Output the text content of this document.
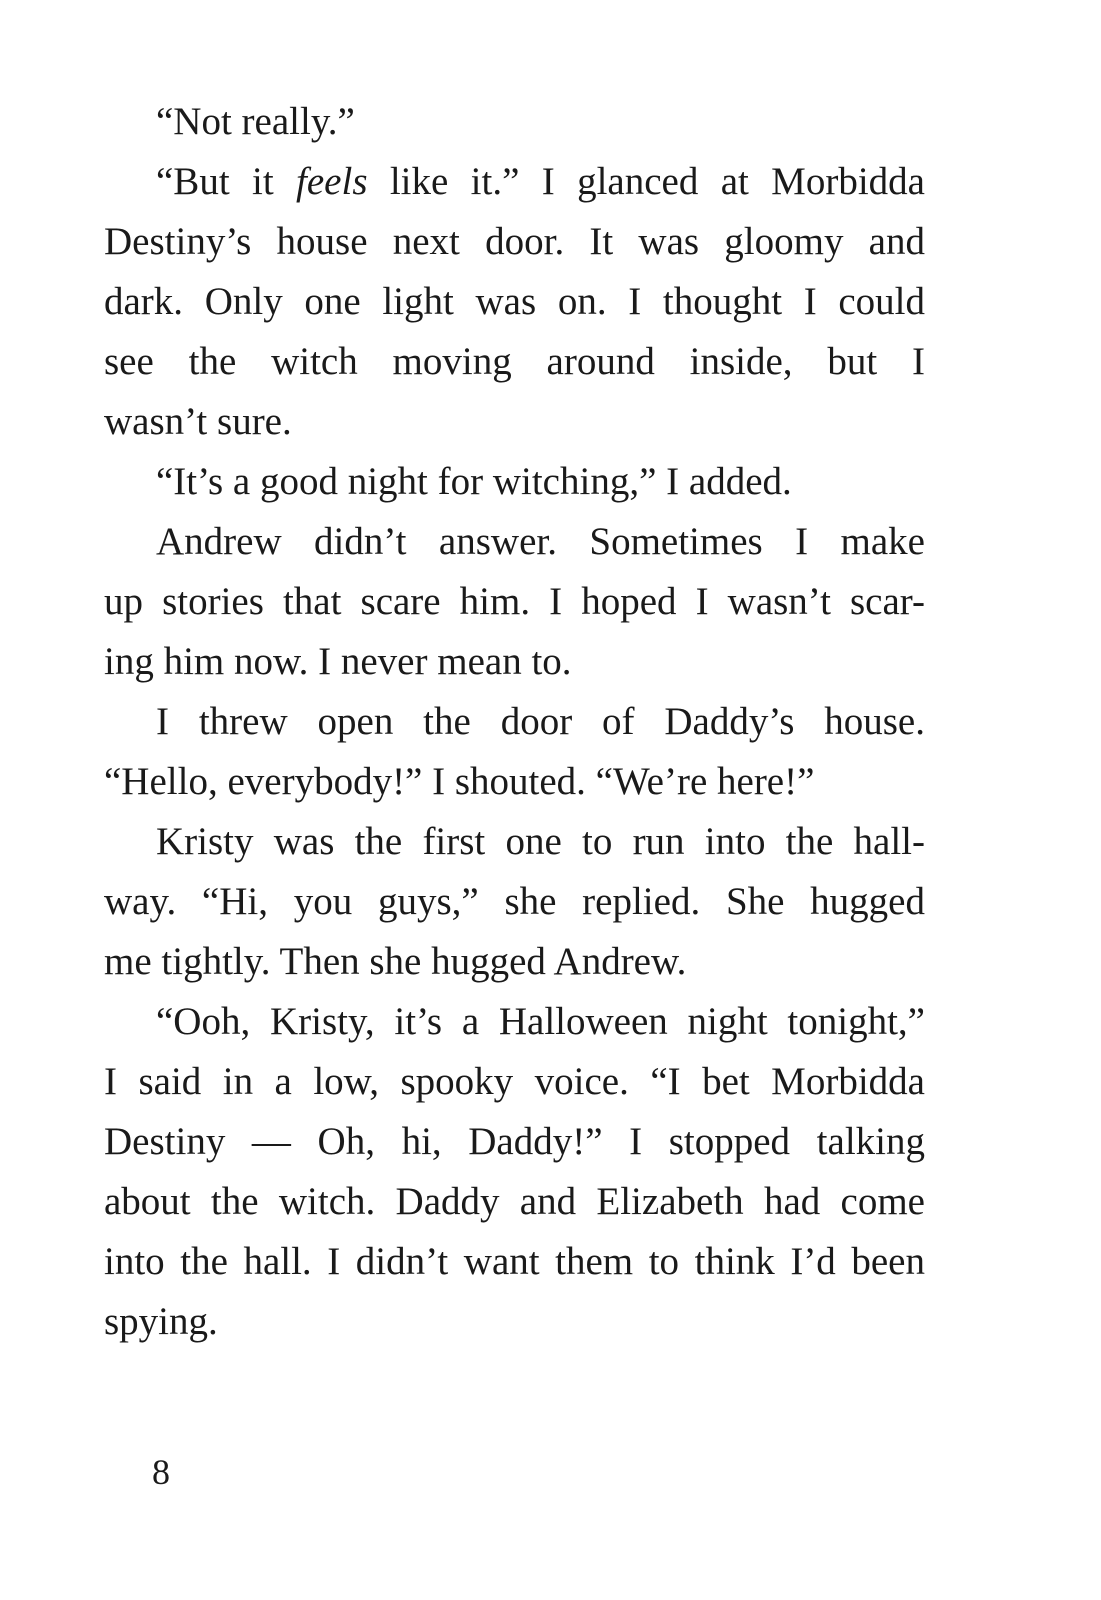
“Not really.”
“But it feels like it.” I glanced at Morbidda
Destiny’s house next door. It was gloomy and
dark. Only one light was on. I thought I could
see the witch moving around inside, but I
wasn’t sure.
“It’s a good night for witching,” I added.
Andrew didn’t answer. Sometimes I make
up stories that scare him. I hoped I wasn’t scar-
ing him now. I never mean to.
I threw open the door of Daddy’s house.
“Hello, everybody!” I shouted. “We’re here!”
Kristy was the first one to run into the hall-
way. “Hi, you guys,” she replied. She hugged
me tightly. Then she hugged Andrew.
“Ooh, Kristy, it’s a Halloween night tonight,”
I said in a low, spooky voice. “I bet Morbidda
Destiny — Oh, hi, Daddy!” I stopped talking
about the witch. Daddy and Elizabeth had come
into the hall. I didn’t want them to think I’d been
spying.
8
